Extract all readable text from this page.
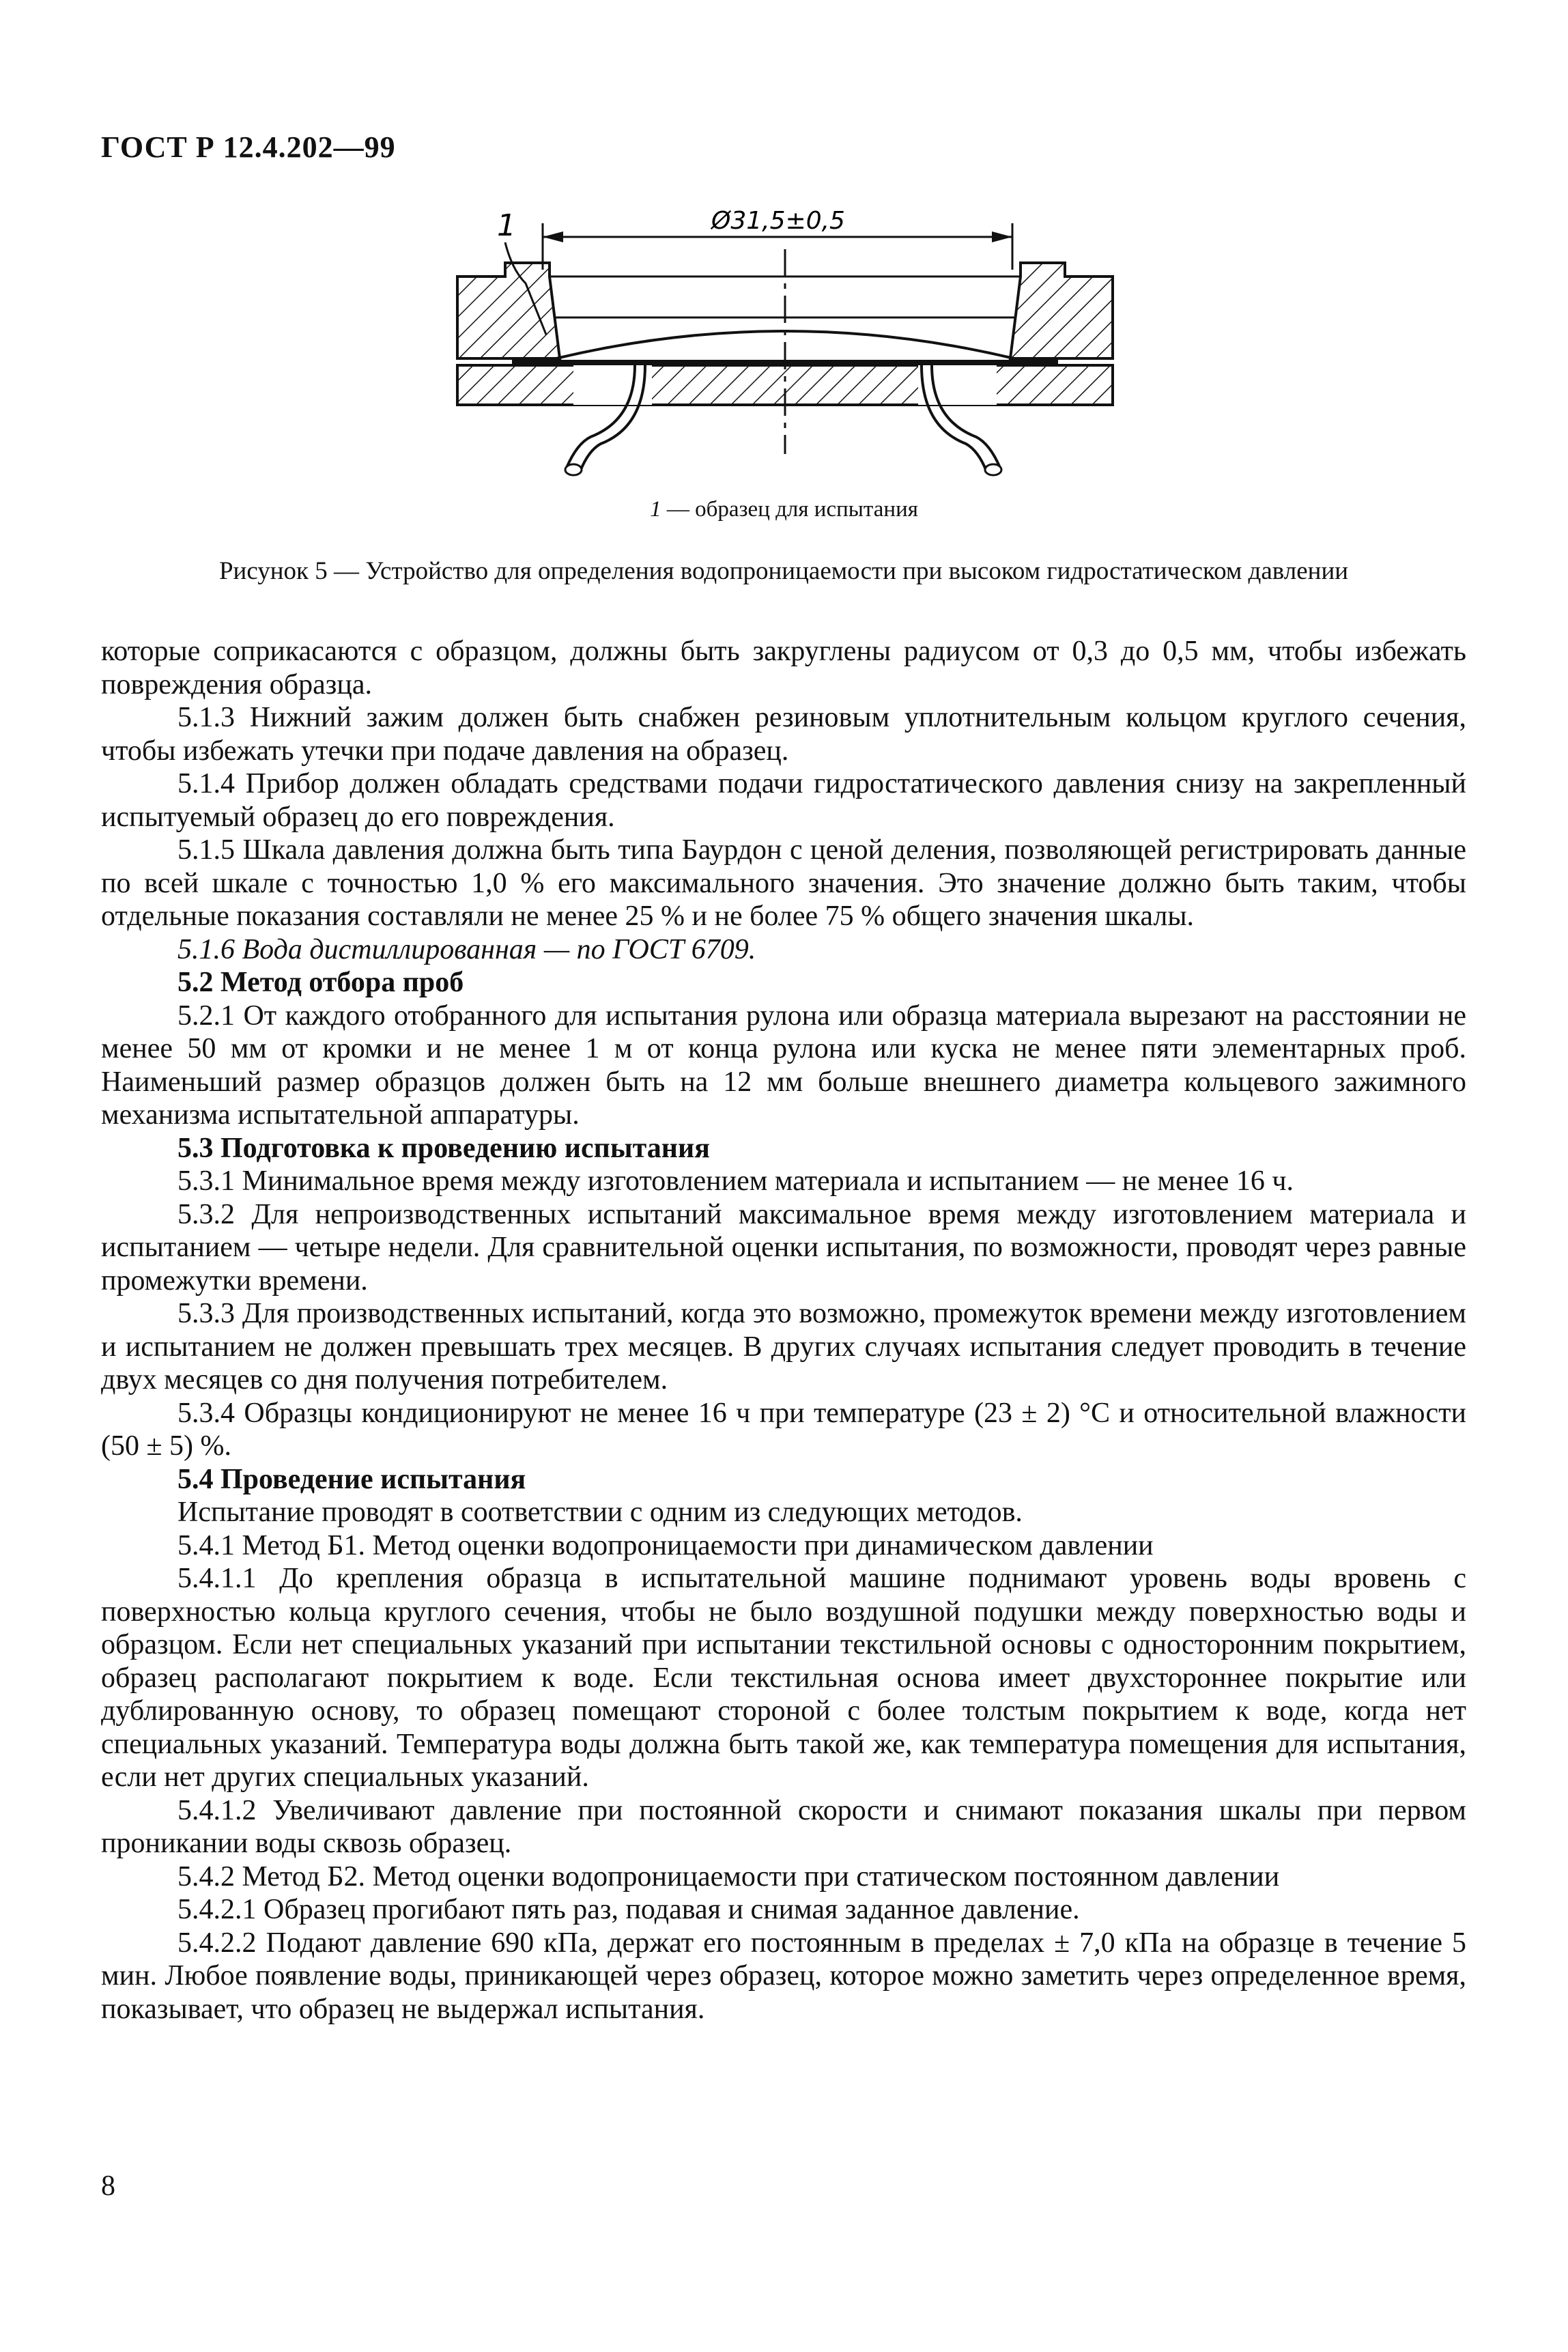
ГОСТ Р 12.4.202—99
Ø31,5±0,5
1
1 — образец для испытания
Рисунок 5 — Устройство для определения водопроницаемости при высоком гидростатическом давлении

которые соприкасаются с образцом, должны быть закруглены радиусом от 0,3 до 0,5 мм, чтобы избежать повреждения образца.

5.1.3 Нижний зажим должен быть снабжен резиновым уплотнительным кольцом круглого сечения, чтобы избежать утечки при подаче давления на образец.

5.1.4 Прибор должен обладать средствами подачи гидростатического давления снизу на закрепленный испытуемый образец до его повреждения.

5.1.5 Шкала давления должна быть типа Баурдон с ценой деления, позволяющей регистрировать данные по всей шкале с точностью 1,0 % его максимального значения. Это значение должно быть таким, чтобы отдельные показания составляли не менее 25 % и не более 75 % общего значения шкалы.

5.1.6 Вода дистиллированная — по ГОСТ 6709.

5.2 Метод отбора проб

5.2.1 От каждого отобранного для испытания рулона или образца материала вырезают на расстоянии не менее 50 мм от кромки и не менее 1 м от конца рулона или куска не менее пяти элементарных проб. Наименьший размер образцов должен быть на 12 мм больше внешнего диаметра кольцевого зажимного механизма испытательной аппаратуры.

5.3 Подготовка к проведению испытания

5.3.1 Минимальное время между изготовлением материала и испытанием — не менее 16 ч.

5.3.2 Для непроизводственных испытаний максимальное время между изготовлением материала и испытанием — четыре недели. Для сравнительной оценки испытания, по возможности, проводят через равные промежутки времени.

5.3.3 Для производственных испытаний, когда это возможно, промежуток времени между изготовлением и испытанием не должен превышать трех месяцев. В других случаях испытания следует проводить в течение двух месяцев со дня получения потребителем.

5.3.4 Образцы кондиционируют не менее 16 ч при температуре (23 ± 2) °С и относительной влажности (50 ± 5) %.

5.4 Проведение испытания

Испытание проводят в соответствии с одним из следующих методов.

5.4.1 Метод Б1. Метод оценки водопроницаемости при динамическом давлении

5.4.1.1 До крепления образца в испытательной машине поднимают уровень воды вровень с поверхностью кольца круглого сечения, чтобы не было воздушной подушки между поверхностью воды и образцом. Если нет специальных указаний при испытании текстильной основы с односторонним покрытием, образец располагают покрытием к воде. Если текстильная основа имеет двухстороннее покрытие или дублированную основу, то образец помещают стороной с более толстым покрытием к воде, когда нет специальных указаний. Температура воды должна быть такой же, как температура помещения для испытания, если нет других специальных указаний.

5.4.1.2 Увеличивают давление при постоянной скорости и снимают показания шкалы при первом проникании воды сквозь образец.

5.4.2 Метод Б2. Метод оценки водопроницаемости при статическом постоянном давлении

5.4.2.1 Образец прогибают пять раз, подавая и снимая заданное давление.

5.4.2.2 Подают давление 690 кПа, держат его постоянным в пределах ± 7,0 кПа на образце в течение 5 мин. Любое появление воды, приникающей через образец, которое можно заметить через определенное время, показывает, что образец не выдержал испытания.

8
